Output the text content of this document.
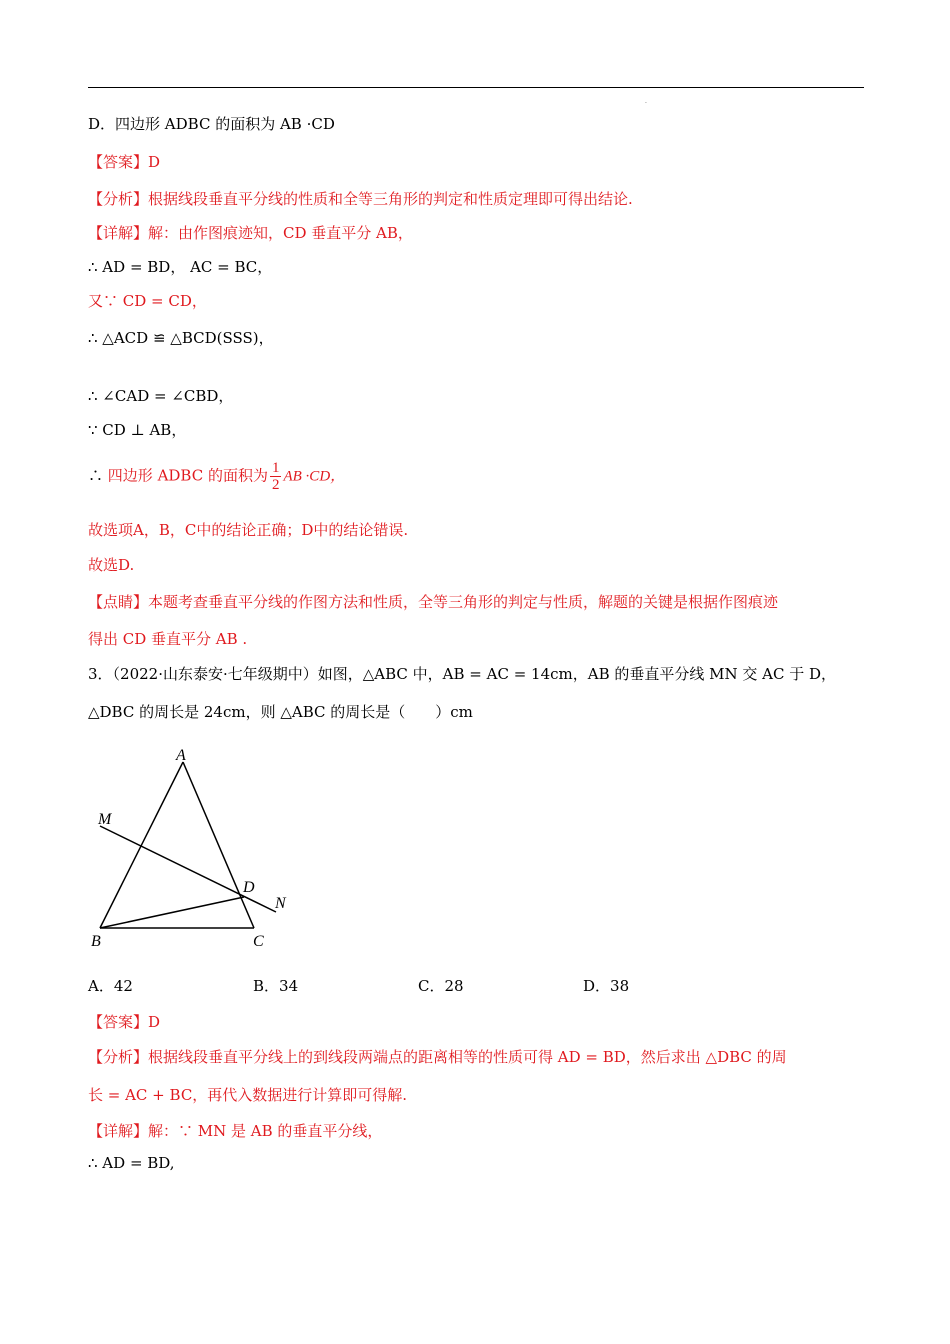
.
D．四边形 ADBC 的面积为 AB ·CD
【答案】D
【分析】根据线段垂直平分线的性质和全等三角形的判定和性质定理即可得出结论.
【详解】解：由作图痕迹知，CD 垂直平分 AB，
∴ AD = BD， AC = BC，
又∵ CD = CD，
∴ △ACD ≌ △BCD(SSS)，
∴ ∠CAD = ∠CBD，
∵ CD ⊥ AB，
∴ 四边形 ADBC 的面积为 $\frac{1}{2}$ AB ·CD，
故选项A，B，C中的结论正确；D中的结论错误.
故选D.
【点睛】本题考查垂直平分线的作图方法和性质，全等三角形的判定与性质，解题的关键是根据作图痕迹
得出 CD 垂直平分 AB .
3．（2022·山东泰安·七年级期中）如图，△ABC 中，AB = AC = 14cm，AB 的垂直平分线 MN 交 AC 于 D，
△DBC 的周长是 24cm，则 △ABC 的周长是（　　）cm
A
M
D
N
B	C
A．42	B．34	C．28	D．38
【答案】D
【分析】根据线段垂直平分线上的到线段两端点的距离相等的性质可得 AD = BD，然后求出 △DBC 的周
长 = AC + BC，再代入数据进行计算即可得解.
【详解】解：∵ MN 是 AB 的垂直平分线，
∴ AD = BD,
